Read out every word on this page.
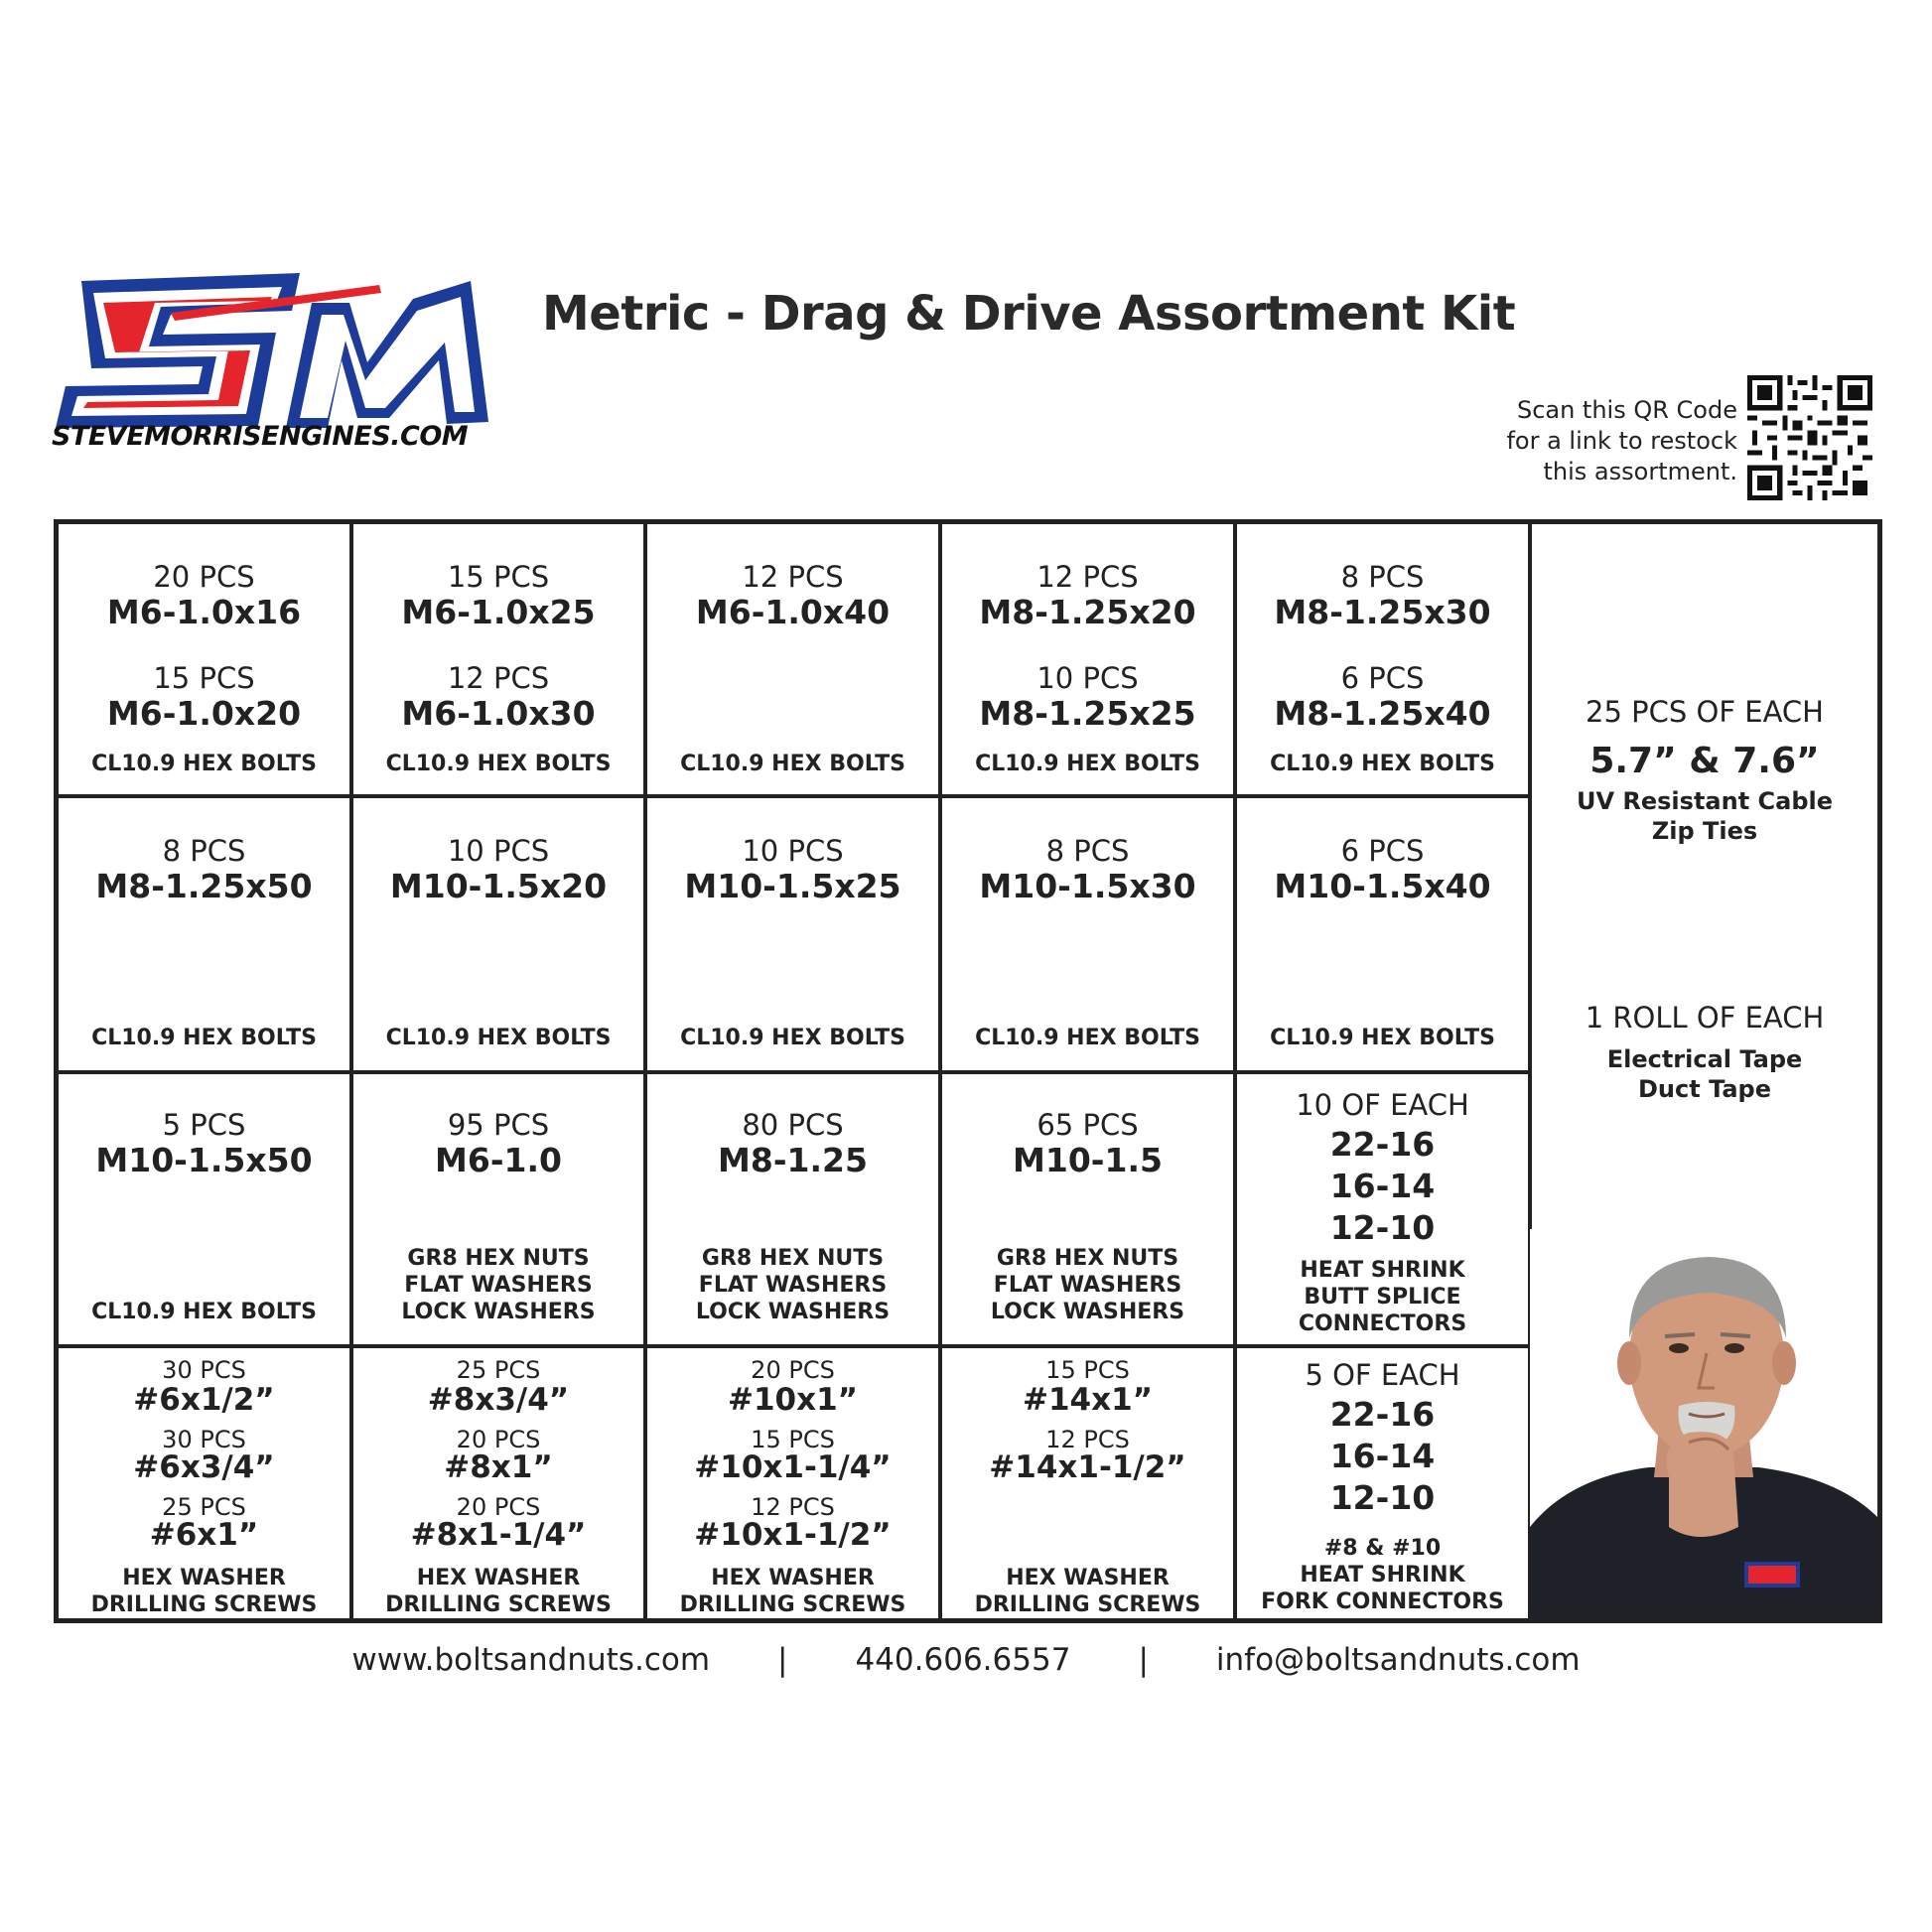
STEVEMORRISENGINES.COM
Metric - Drag & Drive Assortment Kit
Scan this QR Code
for a link to restock
this assortment.
20 PCS
M6-1.0x16
15 PCS
M6-1.0x20
CL10.9 HEX BOLTS
15 PCS
M6-1.0x25
12 PCS
M6-1.0x30
CL10.9 HEX BOLTS
12 PCS
M6-1.0x40
CL10.9 HEX BOLTS
12 PCS
M8-1.25x20
10 PCS
M8-1.25x25
CL10.9 HEX BOLTS
8 PCS
M8-1.25x30
6 PCS
M8-1.25x40
CL10.9 HEX BOLTS
8 PCS
M8-1.25x50
CL10.9 HEX BOLTS
10 PCS
M10-1.5x20
CL10.9 HEX BOLTS
10 PCS
M10-1.5x25
CL10.9 HEX BOLTS
8 PCS
M10-1.5x30
CL10.9 HEX BOLTS
6 PCS
M10-1.5x40
CL10.9 HEX BOLTS
5 PCS
M10-1.5x50
CL10.9 HEX BOLTS
95 PCS
M6-1.0
GR8 HEX NUTS
FLAT WASHERS
LOCK WASHERS
80 PCS
M8-1.25
GR8 HEX NUTS
FLAT WASHERS
LOCK WASHERS
65 PCS
M10-1.5
GR8 HEX NUTS
FLAT WASHERS
LOCK WASHERS
10 OF EACH
22-16
16-14
12-10
HEAT SHRINK
BUTT SPLICE
CONNECTORS
30 PCS
#6x1/2”
30 PCS
#6x3/4”
25 PCS
#6x1”
HEX WASHER
DRILLING SCREWS
25 PCS
#8x3/4”
20 PCS
#8x1”
20 PCS
#8x1-1/4”
HEX WASHER
DRILLING SCREWS
20 PCS
#10x1”
15 PCS
#10x1-1/4”
12 PCS
#10x1-1/2”
HEX WASHER
DRILLING SCREWS
15 PCS
#14x1”
12 PCS
#14x1-1/2”
HEX WASHER
DRILLING SCREWS
5 OF EACH
22-16
16-14
12-10
#8 & #10
HEAT SHRINK
FORK CONNECTORS
25 PCS OF EACH
5.7” & 7.6”
UV Resistant Cable
Zip Ties
1 ROLL OF EACH
Electrical Tape
Duct Tape
www.boltsandnuts.com | 440.606.6557 | info@boltsandnuts.com
